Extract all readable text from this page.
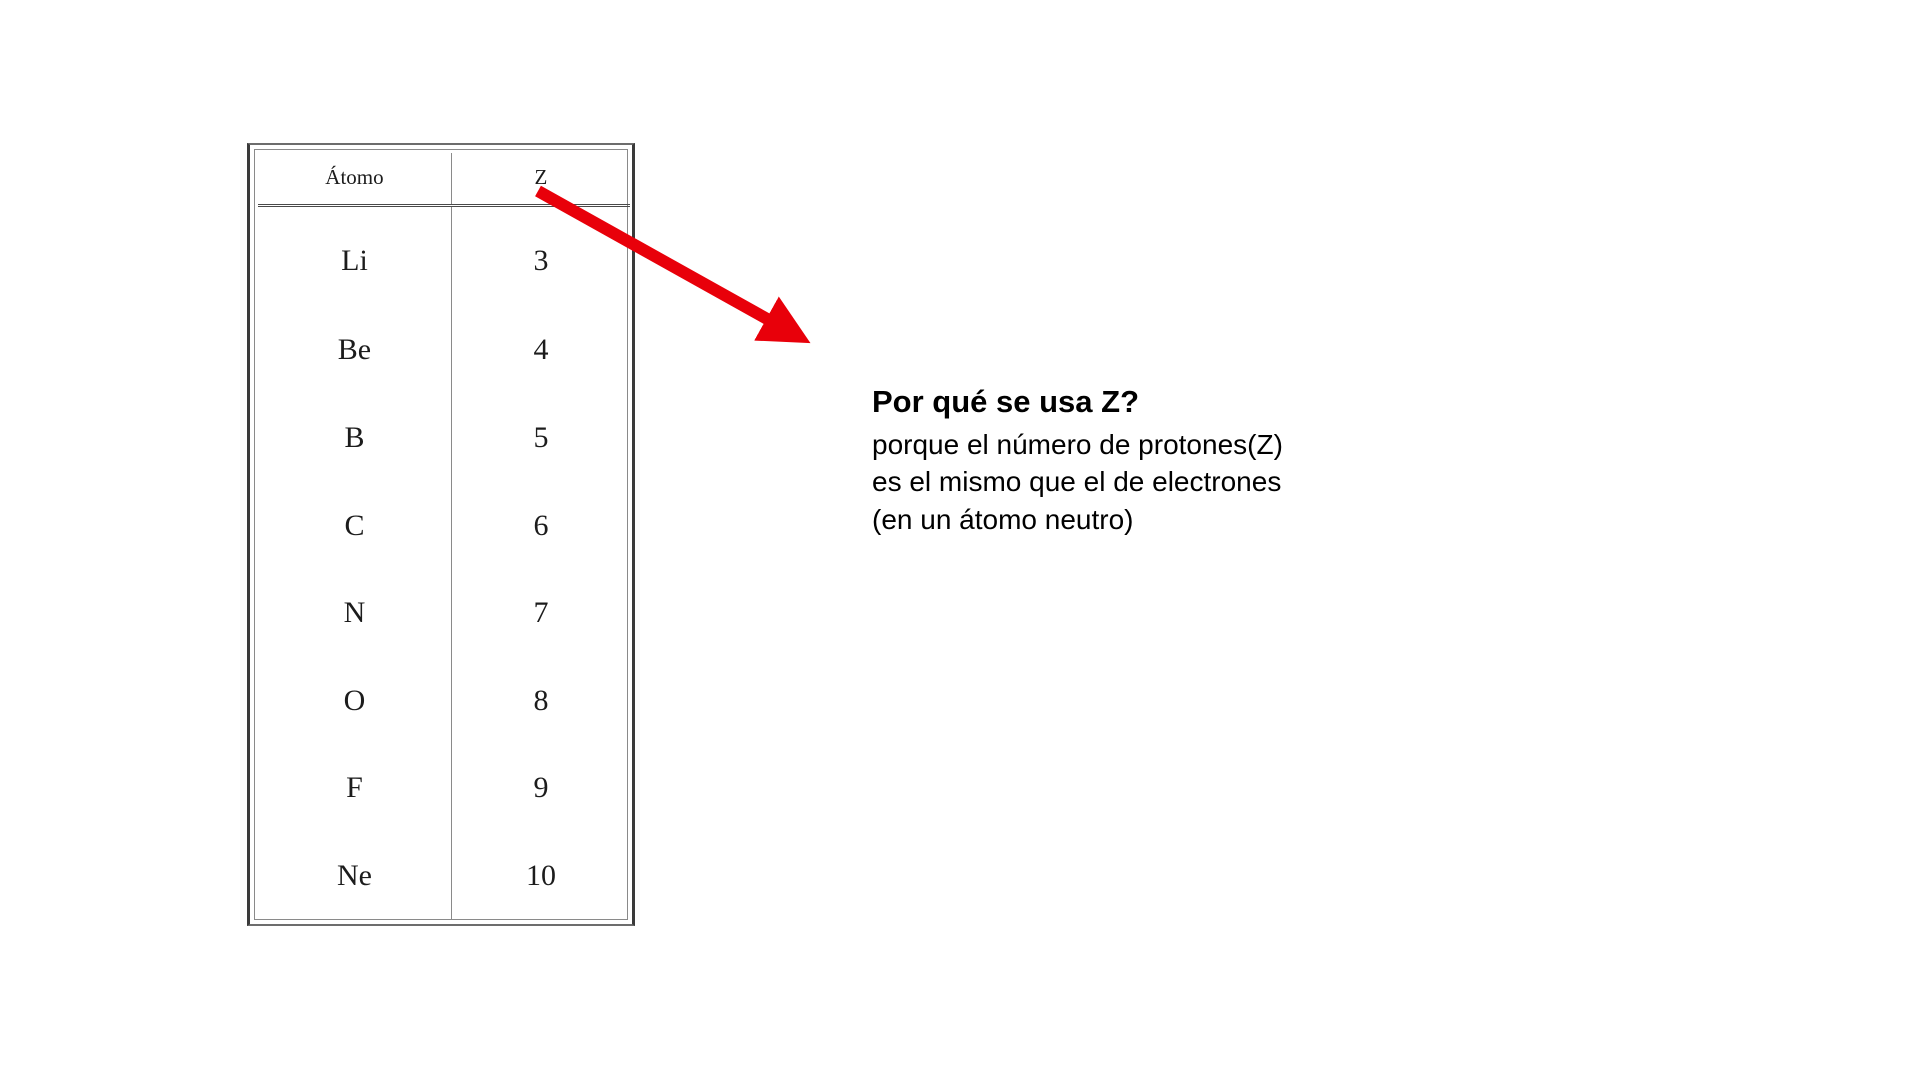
Átomo	Z
Li	3
Be	4
B	5
C	6
N	7
O	8
F	9
Ne	10
Por qué se usa Z?
porque el número de protones(Z)
es el mismo que el de electrones
(en un átomo neutro)
